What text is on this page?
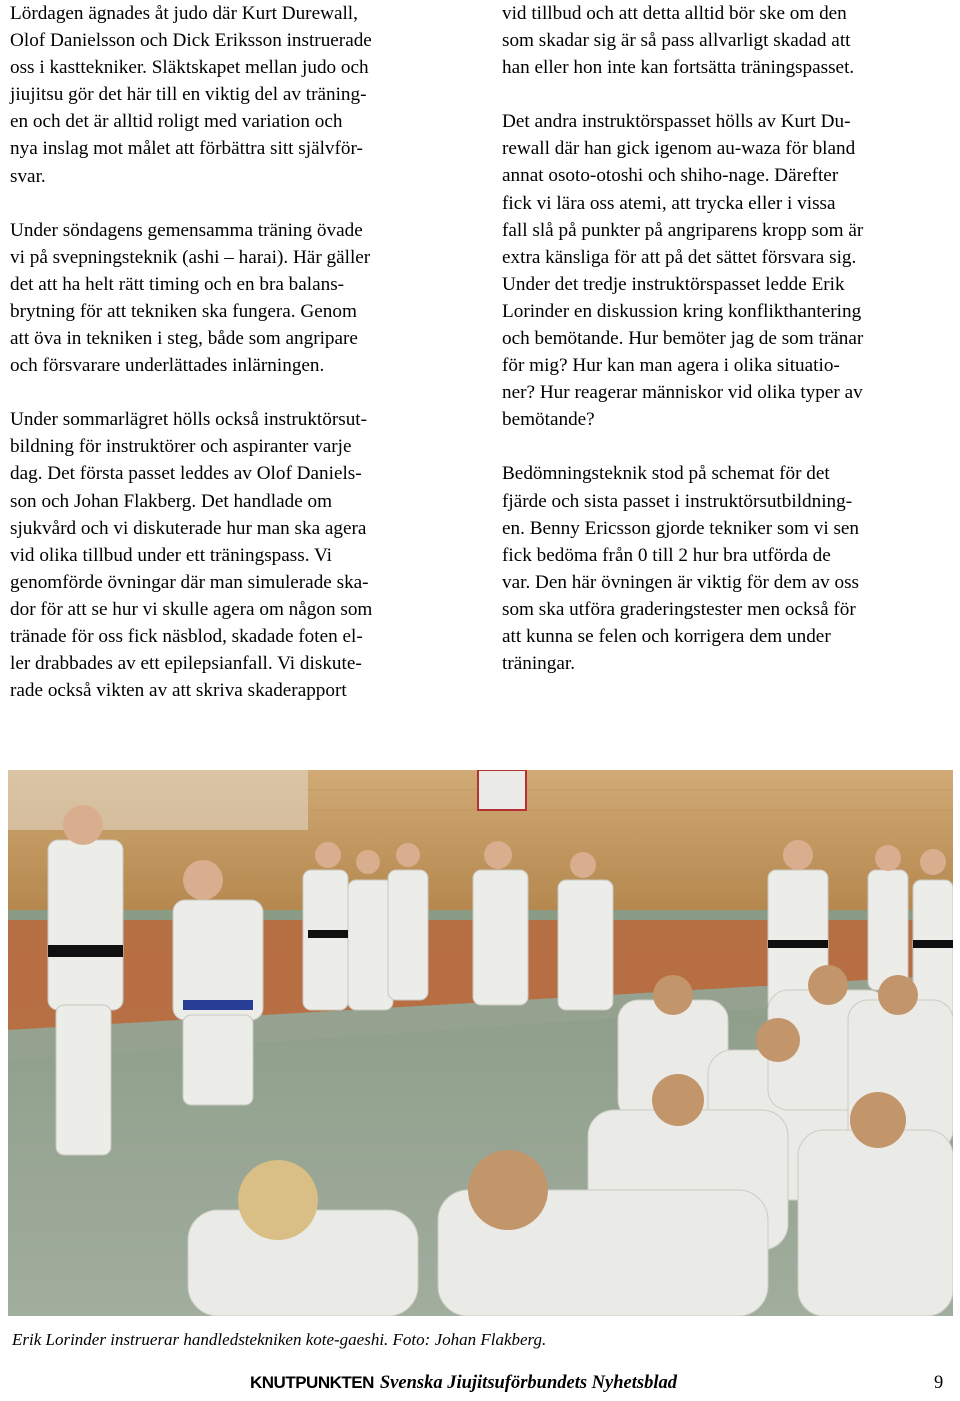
Lördagen ägnades åt judo där Kurt Durewall,
Olof Danielsson och Dick Eriksson instruerade
oss i kasttekniker. Släktskapet mellan judo och
jiujitsu gör det här till en viktig del av träning-
en och det är alltid roligt med variation och
nya inslag mot målet att förbättra sitt självför-
svar.

Under söndagens gemensamma träning övade
vi på svepningsteknik (ashi – harai). Här gäller
det att ha helt rätt timing och en bra balans-
brytning för att tekniken ska fungera. Genom
att öva in tekniken i steg, både som angripare
och försvarare underlättades inlärningen.

Under sommarlägret hölls också instruktörsut-
bildning för instruktörer och aspiranter varje
dag. Det första passet leddes av Olof Daniels-
son och Johan Flakberg. Det handlade om
sjukvård och vi diskuterade hur man ska agera
vid olika tillbud under ett träningspass. Vi
genomförde övningar där man simulerade ska-
dor för att se hur vi skulle agera om någon som
tränade för oss fick näsblod, skadade foten el-
ler drabbades av ett epilepsianfall. Vi diskute-
rade också vikten av att skriva skaderapport

vid tillbud och att detta alltid bör ske om den
som skadar sig är så pass allvarligt skadad att
han eller hon inte kan fortsätta träningspasset.

Det andra instruktörspasset hölls av Kurt Du-
rewall där han gick igenom au-waza för bland
annat osoto-otoshi och shiho-nage. Därefter
fick vi lära oss atemi, att trycka eller i vissa
fall slå på punkter på angriparens kropp som är
extra känsliga för att på det sättet försvara sig.
Under det tredje instruktörspasset ledde Erik
Lorinder en diskussion kring konflikthantering
och bemötande. Hur bemöter jag de som tränar
för mig? Hur kan man agera i olika situatio-
ner? Hur reagerar människor vid olika typer av
bemötande?

Bedömningsteknik stod på schemat för det
fjärde och sista passet i instruktörsutbildning-
en. Benny Ericsson gjorde tekniker som vi sen
fick bedöma från 0 till 2 hur bra utförda de
var. Den här övningen är viktig för dem av oss
som ska utföra graderingstester men också för
att kunna se felen och korrigera dem under
träningar.

Erik Lorinder instruerar handledstekniken kote-gaeshi. Foto: Johan Flakberg.
KNUTPUNKTEN Svenska Jiujitsuförbundets Nyhetsblad	9
